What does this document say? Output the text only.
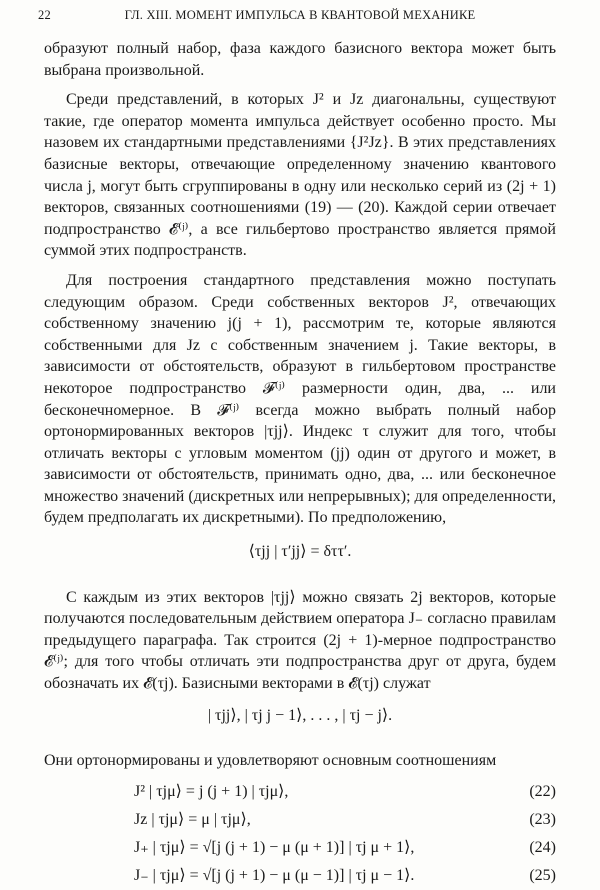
22	ГЛ. XIII. МОМЕНТ ИМПУЛЬСА В КВАНТОВОЙ МЕХАНИКЕ

образуют полный набор, фаза каждого базисного вектора может быть выбрана произвольной.

Среди представлений, в которых J² и Jz диагональны, существуют такие, где оператор момента импульса действует особенно просто. Мы назовем их стандартными представлениями {J²Jz}. В этих представлениях базисные векторы, отвечающие определенному значению квантового числа j, могут быть сгруппированы в одну или несколько серий из (2j + 1) векторов, связанных соотношениями (19) — (20). Каждой серии отвечает подпространство 𝓔⁽ʲ⁾, а все гильбертово пространство является прямой суммой этих подпространств.

Для построения стандартного представления можно поступать следующим образом. Среди собственных векторов J², отвечающих собственному значению j(j + 1), рассмотрим те, которые являются собственными для Jz с собственным значением j. Такие векторы, в зависимости от обстоятельств, образуют в гильбертовом пространстве некоторое подпространство 𝓕⁽ʲ⁾ размерности один, два, ... или бесконечномерное. В 𝓕⁽ʲ⁾ всегда можно выбрать полный набор ортонормированных векторов |τjj⟩. Индекс τ служит для того, чтобы отличать векторы с угловым моментом (jj) один от другого и может, в зависимости от обстоятельств, принимать одно, два, ... или бесконечное множество значений (дискретных или непрерывных); для определенности, будем предполагать их дискретными). По предположению,

⟨τjj | τ′jj⟩ = δττ′.

С каждым из этих векторов |τjj⟩ можно связать 2j векторов, которые получаются последовательным действием оператора J₋ согласно правилам предыдущего параграфа. Так строится (2j + 1)-мерное подпространство 𝓔⁽ʲ⁾; для того чтобы отличать эти подпространства друг от друга, будем обозначать их 𝓔(τj). Базисными векторами в 𝓔(τj) служат

| τjj⟩, | τj j − 1⟩, . . . , | τj − j⟩.

Они ортонормированы и удовлетворяют основным соотношениям

J² | τjμ⟩ = j (j + 1) | τjμ⟩,	(22)
Jz | τjμ⟩ = μ | τjμ⟩,	(23)
J₊ | τjμ⟩ = √[j (j + 1) − μ (μ + 1)] | τj μ + 1⟩,	(24)
J₋ | τjμ⟩ = √[j (j + 1) − μ (μ − 1)] | τj μ − 1⟩.	(25)
